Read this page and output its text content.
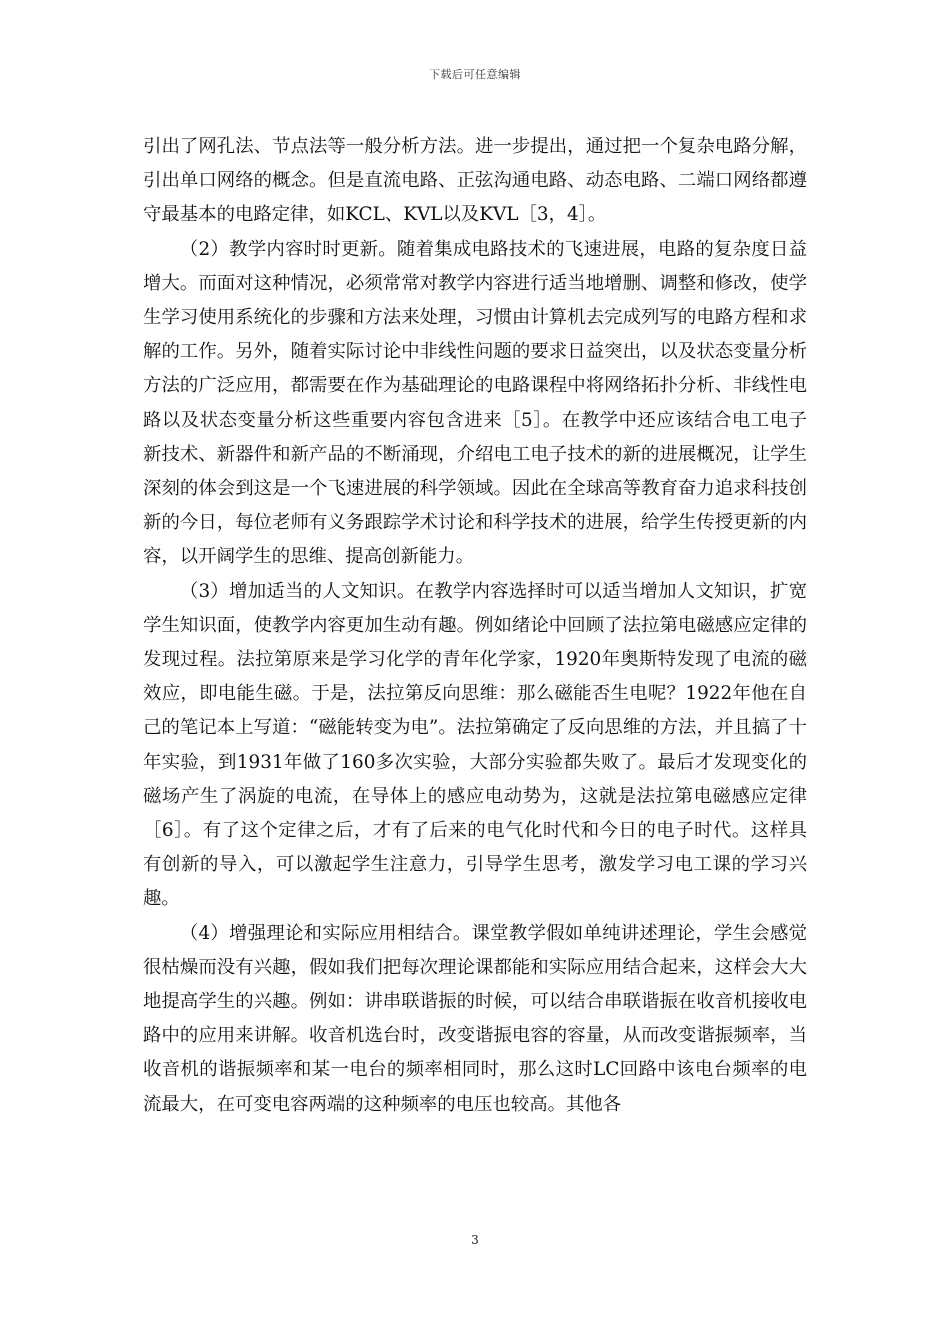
下载后可任意编辑

引出了网孔法、节点法等一般分析方法。进一步提出，通过把一个复杂电路分解，引出单口网络的概念。但是直流电路、正弦沟通电路、动态电路、二端口网络都遵守最基本的电路定律，如KCL、KVL以及KVL［3，4］。

（2）教学内容时时更新。随着集成电路技术的飞速进展，电路的复杂度日益增大。而面对这种情况，必须常常对教学内容进行适当地增删、调整和修改，使学生学习使用系统化的步骤和方法来处理，习惯由计算机去完成列写的电路方程和求解的工作。另外，随着实际讨论中非线性问题的要求日益突出，以及状态变量分析方法的广泛应用，都需要在作为基础理论的电路课程中将网络拓扑分析、非线性电路以及状态变量分析这些重要内容包含进来［5］。在教学中还应该结合电工电子新技术、新器件和新产品的不断涌现，介绍电工电子技术的新的进展概况，让学生深刻的体会到这是一个飞速进展的科学领域。因此在全球高等教育奋力追求科技创新的今日，每位老师有义务跟踪学术讨论和科学技术的进展，给学生传授更新的内容，以开阔学生的思维、提高创新能力。

（3）增加适当的人文知识。在教学内容选择时可以适当增加人文知识，扩宽学生知识面，使教学内容更加生动有趣。例如绪论中回顾了法拉第电磁感应定律的发现过程。法拉第原来是学习化学的青年化学家，1920年奥斯特发现了电流的磁效应，即电能生磁。于是，法拉第反向思维：那么磁能否生电呢？1922年他在自己的笔记本上写道：“磁能转变为电”。法拉第确定了反向思维的方法，并且搞了十年实验，到1931年做了160多次实验，大部分实验都失败了。最后才发现变化的磁场产生了涡旋的电流，在导体上的感应电动势为，这就是法拉第电磁感应定律［6］。有了这个定律之后，才有了后来的电气化时代和今日的电子时代。这样具有创新的导入，可以激起学生注意力，引导学生思考，激发学习电工课的学习兴趣。

（4）增强理论和实际应用相结合。课堂教学假如单纯讲述理论，学生会感觉很枯燥而没有兴趣，假如我们把每次理论课都能和实际应用结合起来，这样会大大地提高学生的兴趣。例如：讲串联谐振的时候，可以结合串联谐振在收音机接收电路中的应用来讲解。收音机选台时，改变谐振电容的容量，从而改变谐振频率，当收音机的谐振频率和某一电台的频率相同时，那么这时LC回路中该电台频率的电流最大，在可变电容两端的这种频率的电压也较高。其他各

3
